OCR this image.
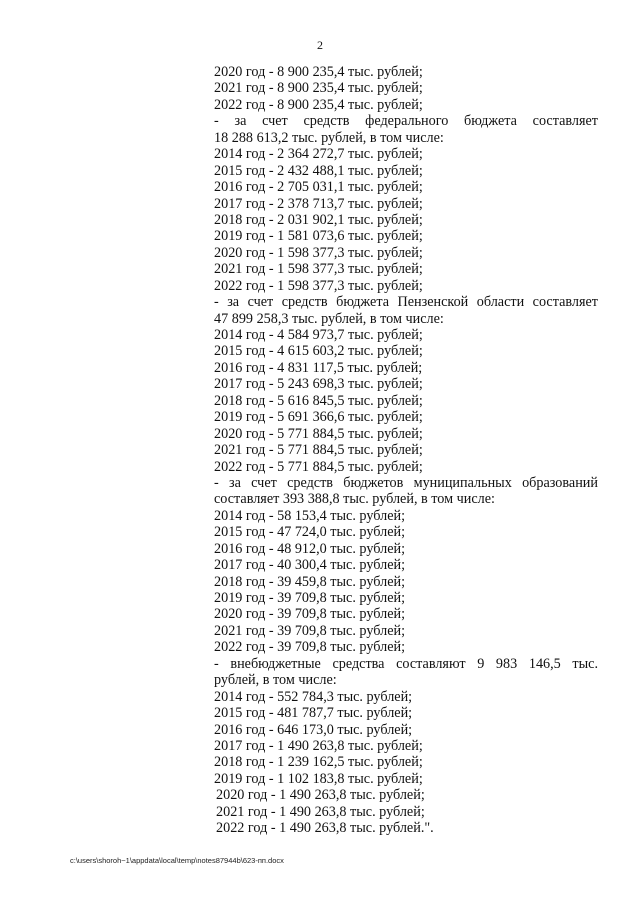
2
2020 год - 8 900 235,4 тыс. рублей;
2021 год - 8 900 235,4 тыс. рублей;
2022 год - 8 900 235,4 тыс. рублей;
- за счет средств федерального бюджета составляет
18 288 613,2 тыс. рублей, в том числе:
2014 год - 2 364 272,7 тыс. рублей;
2015 год - 2 432 488,1 тыс. рублей;
2016 год - 2 705 031,1 тыс. рублей;
2017 год - 2 378 713,7 тыс. рублей;
2018 год - 2 031 902,1 тыс. рублей;
2019 год - 1 581 073,6 тыс. рублей;
2020 год - 1 598 377,3 тыс. рублей;
2021 год - 1 598 377,3 тыс. рублей;
2022 год - 1 598 377,3 тыс. рублей;
- за счет средств бюджета Пензенской области составляет
47 899 258,3 тыс. рублей, в том числе:
2014 год - 4 584 973,7 тыс. рублей;
2015 год - 4 615 603,2 тыс. рублей;
2016 год - 4 831 117,5 тыс. рублей;
2017 год - 5 243 698,3 тыс. рублей;
2018 год - 5 616 845,5 тыс. рублей;
2019 год - 5 691 366,6 тыс. рублей;
2020 год - 5 771 884,5 тыс. рублей;
2021 год - 5 771 884,5 тыс. рублей;
2022 год - 5 771 884,5 тыс. рублей;
- за счет средств бюджетов муниципальных образований
составляет 393 388,8 тыс. рублей, в том числе:
2014 год - 58 153,4 тыс. рублей;
2015 год - 47 724,0 тыс. рублей;
2016 год - 48 912,0 тыс. рублей;
2017 год - 40 300,4 тыс. рублей;
2018 год - 39 459,8 тыс. рублей;
2019 год - 39 709,8 тыс. рублей;
2020 год - 39 709,8 тыс. рублей;
2021 год - 39 709,8 тыс. рублей;
2022 год - 39 709,8 тыс. рублей;
- внебюджетные средства составляют 9 983 146,5 тыс.
рублей, в том числе:
2014 год - 552 784,3 тыс. рублей;
2015 год - 481 787,7 тыс. рублей;
2016 год - 646 173,0 тыс. рублей;
2017 год - 1 490 263,8 тыс. рублей;
2018 год - 1 239 162,5 тыс. рублей;
2019 год - 1 102 183,8 тыс. рублей;
2020 год - 1 490 263,8 тыс. рублей;
2021 год - 1 490 263,8 тыс. рублей;
2022 год - 1 490 263,8 тыс. рублей.".
c:\users\shoroh~1\appdata\local\temp\notes87944b\623-пп.docx
